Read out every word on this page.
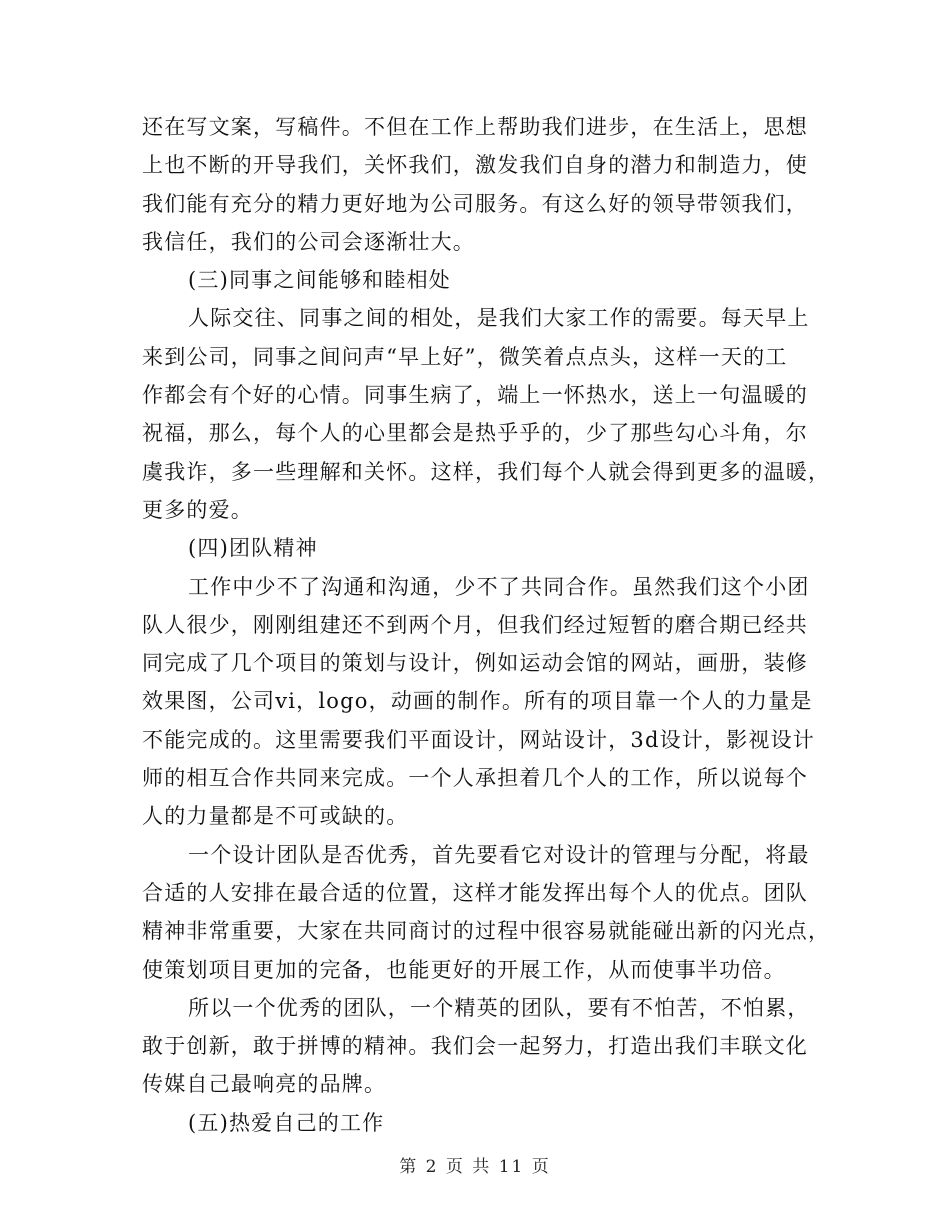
还在写文案，写稿件。不但在工作上帮助我们进步，在生活上，思想
上也不断的开导我们，关怀我们，激发我们自身的潜力和制造力，使
我们能有充分的精力更好地为公司服务。有这么好的领导带领我们，
我信任，我们的公司会逐渐壮大。
(三)同事之间能够和睦相处
人际交往、同事之间的相处，是我们大家工作的需要。每天早上
来到公司，同事之间问声“早上好”，微笑着点点头，这样一天的工
作都会有个好的心情。同事生病了，端上一怀热水，送上一句温暖的
祝福，那么，每个人的心里都会是热乎乎的，少了那些勾心斗角，尔
虞我诈，多一些理解和关怀。这样，我们每个人就会得到更多的温暖，
更多的爱。
(四)团队精神
工作中少不了沟通和沟通，少不了共同合作。虽然我们这个小团
队人很少，刚刚组建还不到两个月，但我们经过短暂的磨合期已经共
同完成了几个项目的策划与设计，例如运动会馆的网站，画册，装修
效果图，公司vi，logo，动画的制作。所有的项目靠一个人的力量是
不能完成的。这里需要我们平面设计，网站设计，3d设计，影视设计
师的相互合作共同来完成。一个人承担着几个人的工作，所以说每个
人的力量都是不可或缺的。
一个设计团队是否优秀，首先要看它对设计的管理与分配，将最
合适的人安排在最合适的位置，这样才能发挥出每个人的优点。团队
精神非常重要，大家在共同商讨的过程中很容易就能碰出新的闪光点，
使策划项目更加的完备，也能更好的开展工作，从而使事半功倍。
所以一个优秀的团队，一个精英的团队，要有不怕苦，不怕累，
敢于创新，敢于拼博的精神。我们会一起努力，打造出我们丰联文化
传媒自己最响亮的品牌。
(五)热爱自己的工作
第 2 页 共 11 页
